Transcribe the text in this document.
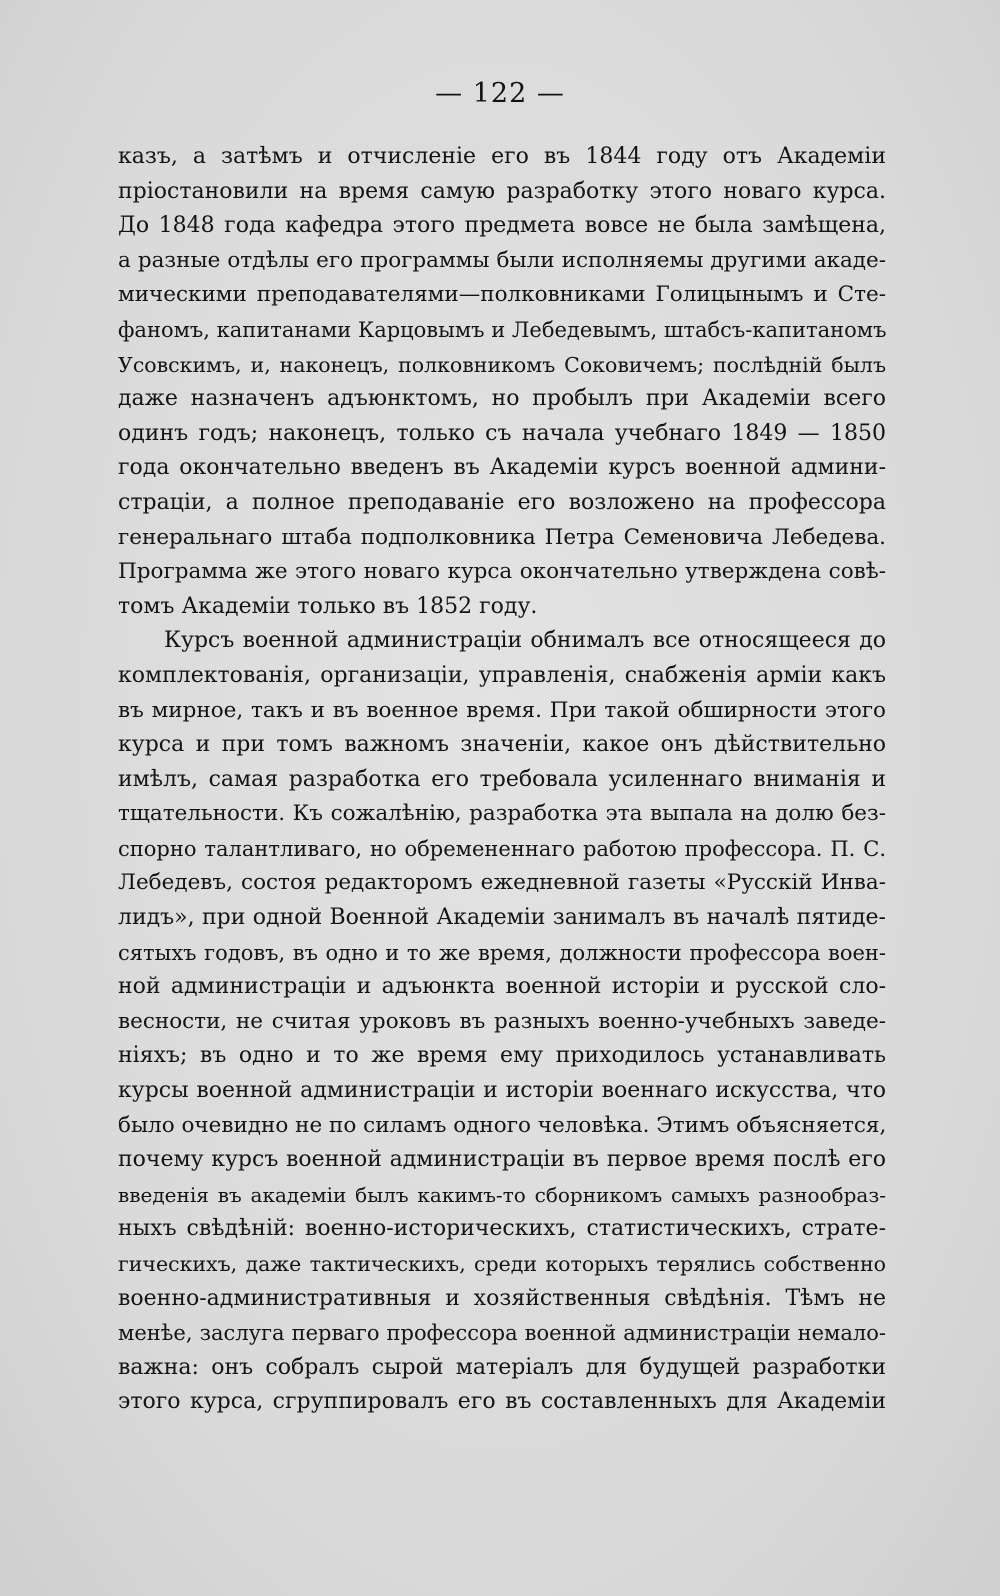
— 122 —
казъ, а затѣмъ и отчисленіе его въ 1844 году отъ Академіи
пріостановили на время самую разработку этого новаго курса.
До 1848 года кафедра этого предмета вовсе не была замѣщена,
а разные отдѣлы его программы были исполняемы другими акаде-
мическими преподавателями—полковниками Голицынымъ и Сте-
фаномъ, капитанами Карцовымъ и Лебедевымъ, штабсъ-капитаномъ
Усовскимъ, и, наконецъ, полковникомъ Соковичемъ; послѣдній былъ
даже назначенъ адъюнктомъ, но пробылъ при Академіи всего
одинъ годъ; наконецъ, только съ начала учебнаго 1849 — 1850
года окончательно введенъ въ Академіи курсъ военной админи-
страціи, а полное преподаваніе его возложено на профессора
генеральнаго штаба подполковника Петра Семеновича Лебедева.
Программа же этого новаго курса окончательно утверждена совѣ-
томъ Академіи только въ 1852 году.
Курсъ военной администраціи обнималъ все относящееся до
комплектованія, организаціи, управленія, снабженія арміи какъ
въ мирное, такъ и въ военное время. При такой обширности этого
курса и при томъ важномъ значеніи, какое онъ дѣйствительно
имѣлъ, самая разработка его требовала усиленнаго вниманія и
тщательности. Къ сожалѣнію, разработка эта выпала на долю без-
спорно талантливаго, но обремененнаго работою профессора. П. С.
Лебедевъ, состоя редакторомъ ежедневной газеты «Русскій Инва-
лидъ», при одной Военной Академіи занималъ въ началѣ пятиде-
сятыхъ годовъ, въ одно и то же время, должности профессора воен-
ной администраціи и адъюнкта военной исторіи и русской сло-
весности, не считая уроковъ въ разныхъ военно-учебныхъ заведе-
ніяхъ; въ одно и то же время ему приходилось устанавливать
курсы военной администраціи и исторіи военнаго искусства, что
было очевидно не по силамъ одного человѣка. Этимъ объясняется,
почему курсъ военной администраціи въ первое время послѣ его
введенія въ академіи былъ какимъ-то сборникомъ самыхъ разнообраз-
ныхъ свѣдѣній: военно-историческихъ, статистическихъ, страте-
гическихъ, даже тактическихъ, среди которыхъ терялись собственно
военно-административныя и хозяйственныя свѣдѣнія. Тѣмъ не
менѣе, заслуга перваго профессора военной администраціи немало-
важна: онъ собралъ сырой матеріалъ для будущей разработки
этого курса, сгруппировалъ его въ составленныхъ для Академіи
